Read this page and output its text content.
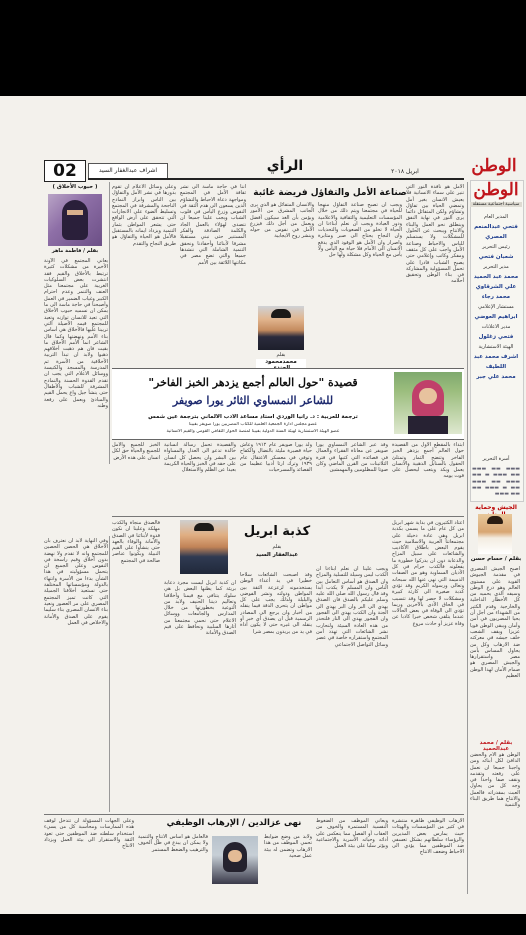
02	اشراف عبدالغفار السيد	الرأي	ابريل ٢٠١٨	الوطن
الوطن
سياسية اجتماعية مستقلة
المدير العام
فتحي عبدالمنعم المصري
رئيس التحرير
شعبان فتحي
مدير التحرير
محمد عبد الحميد
علي الشرقاوي
محمد رجاء
مستشار الإعلامي
ابراهيم العوضي
مدير الاعلانات
فتحي زغلول
الهيئة الاستشارية
اشرف محمد عبد اللطيف
محمد علي جبر
أسرة التحرير
▬▬▬ ▬▬ ▬▬▬ ▬▬ ▬▬▬ ▬ ▬▬ ▬▬▬ ▬▬ ▬▬▬ ▬▬ ▬ ▬▬▬ ▬▬ ▬▬ ▬▬▬
الجيش وحماية
بقلم / حسام حسن
اصبح الجيش المصري في مقدمة الجيوش القوية على مستوى العالم وهو درع الوطن وسيفه الذي يحميه من كل الأخطار الداخلية والخارجية وقدم الكثير من الشهداء من أجل أن يحيا المصريون في أمن وأمان ويبقى الوطن قويا عزيزا ويقف الشعب خلف جيشه في معركته ضد الارهاب وكل من يحاول المساس بأمن مصر واستقرارها والجيش المصري هو صمام الأمان لهذا الوطن العظيم
بقلم / محمد عبدالحميد
الوطن هو الأم والحضن الدافئ لكل أبنائه ومن واجبنا جميعا ان نعمل على رفعته وتقدمه ونقف صفا واحدا في وجه كل من يحاول العبث بمقدراته فالعمل والانتاج هما طريق البناء والتنمية
صناعة الأمل والتفاؤل فريضة غائبة
الأمل هو نافذة النور التي تنير على سماء الانسانية فلا يعيش الانسان بغير أمل وتمضي الحياة بين تفاؤل وتشاؤم ولكن المتفائل دائما يرى النور في نهاية النفق وينطلق نحو العمل والبناء والانتاج ويبحث عن الحلول للمشكلات ولا يستسلم للياس والاحباط وصناعة الأمل واجب على كل مثقف ومفكر وكاتب وإعلامي حتى يصبح الشباب قادرا على تحمل المسؤولية والمشاركة في بناء الوطن وتحقيق أحلامه
ويجب ان تصبح صناعة التفاؤل منهجا للحياة في مجتمعنا ويتم ذلك من خلال المؤسسات التعليمية والثقافية والاعلامية ودور العبادة ويجب ان نعلم ابناءنا ان الحياة لا تخلو من الصعوبات والتحديات وان النجاح يحتاج الى صبر ومثابرة واصرار وان الأمل هو الوقود الذي يدفع الانسان الى الأمام فلا حياة مع اليأس ولا يأس مع الحياة وكل مشكلة ولها حل
بقلم
محمدمحمود
والانسان المتفائل هو الذي يرى الجانب المشرق من الأمور ويؤمن بأن الغد سيكون أفضل ويعمل من أجل ذلك فيزرع الأمل في نفوس من حوله وينشر روح الايجابية
اننا في حاجة ماسة الى نشر ثقافة الأمل في المجتمع ومواجهة دعاة الاحباط والتشاؤم الذين يسعون الى هدم الثقة في النفوس وزرع اليأس في قلوب الشباب ويجب علينا جميعا ان نتصدى لهؤلاء بالعمل الجاد والكلمة الصادقة والفكر المستنير حتى نبني مستقبلا مشرقا لأبنائنا وأحفادنا ونحقق التنمية الشاملة التي ننشدها جميعا والتي تضع مصر في مكانتها اللائقة بين الأمم
وعلى وسائل الاعلام ان تقوم بدورها في نشر الأمل والتفاؤل بين الناس وابراز النماذج الناجحة والمشرفة في المجتمع وتسليط الضوء على الانجازات التي تتحقق على أرض الواقع حتى يشعر المواطن بثمار التنمية ويزداد ايمانه بالمستقبل فالأمل هو الحياة والتفاؤل هو طريق النجاح والتقدم
( حبوب الأخلاق )
بقلم / فاطمة ماهر
يعاني المجتمع في الآونة الأخيرة من مشكلات كثيرة ترتبط بالأخلاق والقيم فقد انتشرت بعض السلوكيات الغريبة على مجتمعنا مثل العنف والتنمر وعدم احترام الكبير وغياب الضمير في العمل وأصبحنا في حاجة ماسة الى ما يمكن ان نسميه حبوب الأخلاق التي تعيد للانسان توازنه وتعيد للمجتمع قيمه الأصيلة التي تربينا عليها فالأخلاق هي أساس بناء الأمم ونهضتها وكما قال الشاعر انما الأمم الأخلاق ما بقيت فان هم ذهبت أخلاقهم ذهبوا ولابد ان تبدأ التربية الأخلاقية من الأسرة ثم المدرسة والمسجد والكنيسة ووسائل الاعلام التي يجب ان تقدم القدوة الحسنة والنماذج المشرفة للشباب والأطفال حتى ينشأ جيل واع يحمل القيم والمبادئ ويعمل على رفعة وطنه
قصيدة "حول العالم أجمع يزدهر الخبز الفاخر"
للشاعر النمساوي الثائر يورا صويفر
ترجمة للعربية : د. رانيا الوردي استاذ مساعد الأدب الألماني بترجمة عين شمس
عضو مجلس ادارة الجمعية العلمية للكتاب المصريين يورا صويفر بفيينا
عضو الهيئة الاستشارية لهيئة السنة الدولية بفيينا لمنصة الحوار الثقافي القومي والقيم الانسانية
ابتداء بالمقطع الأول من القصيدة حول العالم أجمع يزدهر الخبز الفاخر وتنضج الثمار وتمتلئ الحقول بالسنابل الذهبية والانسان يعمل ويكد ويتعب ليحصل على قوت يومه
وقد عبر الشاعر النمساوي يورا صويفر عن معاناة الفقراء والعمال في قصائده التي كتبها في فترة الثلاثينات من القرن الماضي وكان صوتا للمظلومين والمهمشين
ولد يورا صويفر عام ١٩١٢ وعاش حياة قصيرة مليئة بالنضال والكفاح وتوفي في معسكر الاعتقال عام ١٩٣٩ وترك ارثا أدبيا عظيما من القصائد والمسرحيات
والقصيدة تحمل رسالة انسانية خالدة تدعو الى العدل والمساواة بين البشر وان يحصل كل انسان على حقه في الخبز والحياة الكريمة بعيدا عن الظلم والاستغلال
الخبز للجميع والأمل للجميع والحياة حق لكل انسان على هذه الأرض
كذبة ابريل
بقلم
عبدالغفار السيد
اعتاد الكثيرون في بداية شهر ابريل من كل عام على ما يسمى بكذبة ابريل وهي عادة دخيلة على مجتمعاتنا العربية والاسلامية حيث يقوم البعض باطلاق الأكاذيب والشائعات على سبيل المزاح والدعابة دون ان يدركوا خطورة ما يفعلونه فالكذب حرام في كل الأديان السماوية وهو من الصفات الذميمة التي نهى عنها الله سبحانه وتعالى ورسوله الكريم وقد تؤدي كذبة صغيرة الى كارثة كبيرة ومشكلات لا حصر لها وقد تتسبب في الحاق الأذى بالآخرين وربما تؤدي الى الوفاة في بعض الحالات عندما يتلقى شخص خبرا كاذبا عن وفاة عزيز أو حادث مروع
ويجب علينا ان نعلم أبناءنا ان الكذب ليس وسيلة للتسلية والمزاح وان الصدق هو أساس التعامل بين الناس وان المسلم لا يكذب أبدا وقد قال رسول الله صلى الله عليه وسلم عليكم بالصدق فان الصدق يهدي الى البر وان البر يهدي الى الجنة وان الكذب يهدي الى الفجور وان الفجور يهدي الى النار فلنحذر من هذه العادة السيئة ولنحارب نشر الشائعات التي تهدد أمن المجتمع واستقراره خاصة في عصر وسائل التواصل الاجتماعي
وقد أصبحت الشائعات سلاحا خطيرا في يد أعداء الوطن يستخدمونه لزعزعة الثقة بين المواطن ودولته ونشر الفوضى والبلبلة ولذلك يجب على كل مواطن ان يتحرى الدقة فيما ينقله من أخبار وان يرجع الى المصادر الرسمية قبل ان يصدق أي خبر أو ينقله الى غيره حتى لا يكون أداة في يد من يريدون بمصر شرا
ان كذبة ابريل ليست مجرد دعابة بريئة كما يظنها البعض بل هي سلوك يتنافى مع قيمنا وأخلاقنا وتعاليم ديننا الحنيف ولابد من التوعية بخطورتها من خلال المدارس والجامعات ووسائل الاعلام حتى نحمي مجتمعنا من آثارها السلبية ونحافظ على قيم الصدق والأمانة
فالصدق منجاة والكذب مهلكة وعلينا ان نكون قدوة لأبنائنا في الصدق والأمانة والوفاء بالعهد حتى ينشأوا على القيم النبيلة ويكونوا عناصر صالحة في المجتمع
وفي النهاية لابد ان نعترف بأن الأخلاق هي الحصن الحصين للمجتمع وانه لا تقدم ولا نهضة بدون أخلاق وقيم راسخة في النفوس وعلى الجميع ان يتحمل مسؤوليته في هذا الشأن بدءا من الأسرة وانتهاء بالدولة ومؤسساتها المختلفة حتى نستعيد أخلاقنا الجميلة التي كانت تميز المجتمع المصري على مر العصور ونعيد بناء الانسان المصري بناء سليما يقوم على الصدق والأمانة والاخلاص في العمل
نهى عزالدين / الإرهاب الوظيفي	الارهاب الوظيفي ظاهرة منتشرة في كثير من المؤسسات والهيئات حيث يمارس بعض المديرين والرؤساء سلطاتهم بشكل تعسفي ضد الموظفين مما يؤدي الى الاحباط وضعف الانتاج
ويعاني الموظف من الضغوط النفسية المستمرة والخوف من العقاب أو الفصل مما ينعكس على أدائه وحياته الأسرية والاجتماعية ويؤثر سلبا على بيئة العمل
ولابد من وضع ضوابط تحمي الموظف من هذا الارهاب وتضمن له بيئة عمل صحية
فالعامل هو أساس الانتاج والتنمية ولا يمكن ان يبدع في ظل الخوف والترهيب والضغط المستمر
وعلى الجهات المسؤولة ان تتدخل لوقف هذه الممارسات ومحاسبة كل من يسيء استخدام سلطته ضد الموظفين حتى تعود الثقة والاستقرار الى بيئة العمل ويزداد الانتاج
